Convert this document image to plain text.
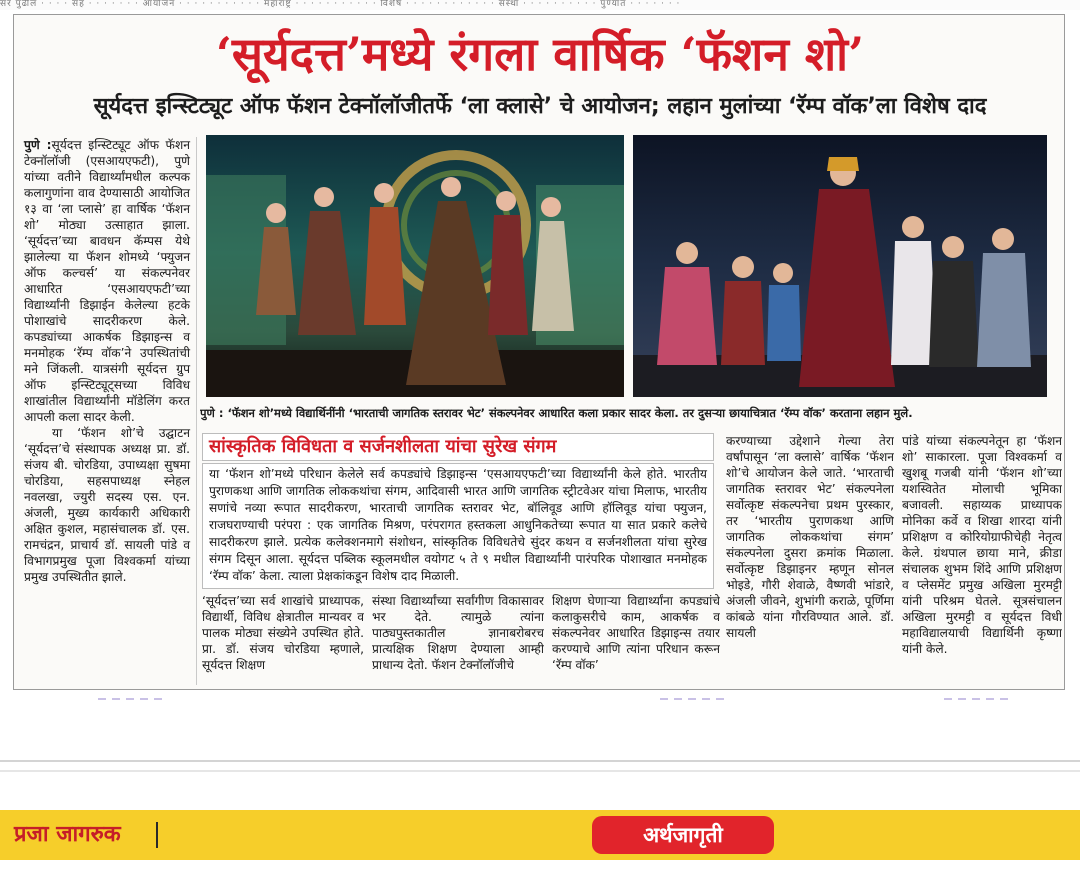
सर पुढील · · · · सह · · · · · · · आयोजन · · · · · · · · · · · महाराष्ट्र · · · · · · · · · · · विशेष · · · · · · · · · · · · संस्था · · · · · · · · · · पुण्यात · · · · · · ·
‘सूर्यदत्त’मध्ये रंगला वार्षिक ‘फॅशन शो’
सूर्यदत्त इन्स्टिट्यूट ऑफ फॅशन टेक्नॉलॉजीतर्फे ‘ला क्लासे’ चे आयोजन; लहान मुलांच्या ‘रॅम्प वॉक’ला विशेष दाद

पुणे :सूर्यदत्त इन्स्टिट्यूट ऑफ फॅशन टेक्नॉलॉजी (एसआयएफटी), पुणे यांच्या वतीने विद्यार्थ्यांमधील कल्पक कलागुणांना वाव देण्यासाठी आयोजित १३ वा ‘ला प्लासे’ हा वार्षिक ‘फॅशन शो’ मोठ्या उत्साहात झाला. ‘सूर्यदत्त’च्या बावधन कॅम्पस येथे झालेल्या या फॅशन शोमध्ये ‘फ्युजन ऑफ कल्चर्स’ या संकल्पनेवर आधारित ‘एसआयएफटी’च्या विद्यार्थ्यांनी डिझाईन केलेल्या हटके पोशाखांचे सादरीकरण केले. कपड्यांच्या आकर्षक डिझाइन्स व मनमोहक ‘रॅम्प वॉक’ने उपस्थितांची मने जिंकली. यात्रसंगी सूर्यदत्त ग्रुप ऑफ इन्स्टिट्यूट्सच्या विविध शाखांतील विद्यार्थ्यांनी मॉडेलिंग करत आपली कला सादर केली.

या ‘फॅशन शो’चे उद्घाटन ‘सूर्यदत्त’चे संस्थापक अध्यक्ष प्रा. डॉ. संजय बी. चोरडिया, उपाध्यक्षा सुषमा चोरडिया, सहसपाध्यक्ष स्नेहल नवलखा, ज्युरी सदस्य एस. एन. अंजली, मुख्य कार्यकारी अधिकारी अक्षित कुशल, महासंचालक डॉ. एस. रामचंद्रन, प्राचार्य डॉ. सायली पांडे व विभागप्रमुख पूजा विश्वकर्मा यांच्या प्रमुख उपस्थितीत झाले.

पुणे : ‘फॅशन शो’मध्ये विद्यार्थिनींनी ‘भारताची जागतिक स्तरावर भेट’ संकल्पनेवर आधारित कला प्रकार सादर केला. तर दुसऱ्या छायाचित्रात ‘रॅम्प वॉक’ करताना लहान मुले.
सांस्कृतिक विविधता व सर्जनशीलता यांचा सुरेख संगम
या ‘फॅशन शो’मध्ये परिधान केलेले सर्व कपड्यांचे डिझाइन्स ‘एसआयएफटी’च्या विद्यार्थ्यांनी केले होते. भारतीय पुराणकथा आणि जागतिक लोककथांचा संगम, आदिवासी भारत आणि जागतिक स्ट्रीटवेअर यांचा मिलाफ, भारतीय सणांचे नव्या रूपात सादरीकरण, भारताची जागतिक स्तरावर भेट, बॉलिवूड आणि हॉलिवूड यांचा फ्युजन, राजघराण्याची परंपरा : एक जागतिक मिश्रण, परंपरागत हस्तकला आधुनिकतेच्या रूपात या सात प्रकारे कलेचे सादरीकरण झाले. प्रत्येक कलेक्शनमागे संशोधन, सांस्कृतिक विविधतेचे सुंदर कथन व सर्जनशीलता यांचा सुरेख संगम दिसून आला. सूर्यदत्त पब्लिक स्कूलमधील वयोगट ५ ते ९ मधील विद्यार्थ्यांनी पारंपरिक पोशाखात मनमोहक ‘रॅम्प वॉक’ केला. त्याला प्रेक्षकांकडून विशेष दाद मिळाली.
‘सूर्यदत्त’च्या सर्व शाखांचे प्राध्यापक, विद्यार्थी, विविध क्षेत्रातील मान्यवर व पालक मोठ्या संख्येने उपस्थित होते. प्रा. डॉ. संजय चोरडिया म्हणाले, सूर्यदत्त शिक्षण
संस्था विद्यार्थ्यांच्या सर्वांगीण विकासावर भर देते. त्यामुळे त्यांना पाठ्यपुस्तकातील ज्ञानाबरोबरच प्रात्यक्षिक शिक्षण देण्याला आम्ही प्राधान्य देतो. फॅशन टेक्नॉलॉजीचे
शिक्षण घेणाऱ्या विद्यार्थ्यांना कपड्यांचे कलाकुसरीचे काम, आकर्षक व संकल्पनेवर आधारित डिझाइन्स तयार करण्याचे आणि त्यांना परिधान करून ‘रॅम्प वॉक’
करण्याच्या उद्देशाने गेल्या तेरा वर्षांपासून ‘ला क्लासे’ वार्षिक ‘फॅशन शो’चे आयोजन केले जाते. ‘भारताची जागतिक स्तरावर भेट’ संकल्पनेला सर्वोत्कृष्ट संकल्पनेचा प्रथम पुरस्कार, तर ‘भारतीय पुराणकथा आणि जागतिक लोककथांचा संगम’ संकल्पनेला दुसरा क्रमांक मिळाला. सर्वोत्कृष्ट डिझाइनर म्हणून सोनल भोइडे, गौरी शेवाळे, वैष्णवी भांडारे, अंजली जीवने, शुभांगी कराळे, पूर्णिमा कांबळे यांना गौरविण्यात आले. डॉ. सायली
पांडे यांच्या संकल्पनेतून हा ‘फॅशन शो’ साकारला. पूजा विश्वकर्मा व खुशबू गजबी यांनी ‘फॅशन शो’च्या यशस्वितेत मोलाची भूमिका बजावली. सहाय्यक प्राध्यापक मोनिका कर्वे व शिखा शारदा यांनी प्रशिक्षण व कोरियोग्राफीचेही नेतृत्व केले. ग्रंथपाल छाया माने, क्रीडा संचालक शुभम शिंदे आणि प्रशिक्षण व प्लेसमेंट प्रमुख अखिला मुरमट्टी यांनी परिश्रम घेतले. सूत्रसंचालन अखिला मुरमट्टी व सूर्यदत्त विधी महाविद्यालयाची विद्यार्थिनी कृष्णा यांनी केले.
प्रजा जागरुक	अर्थजागृती
